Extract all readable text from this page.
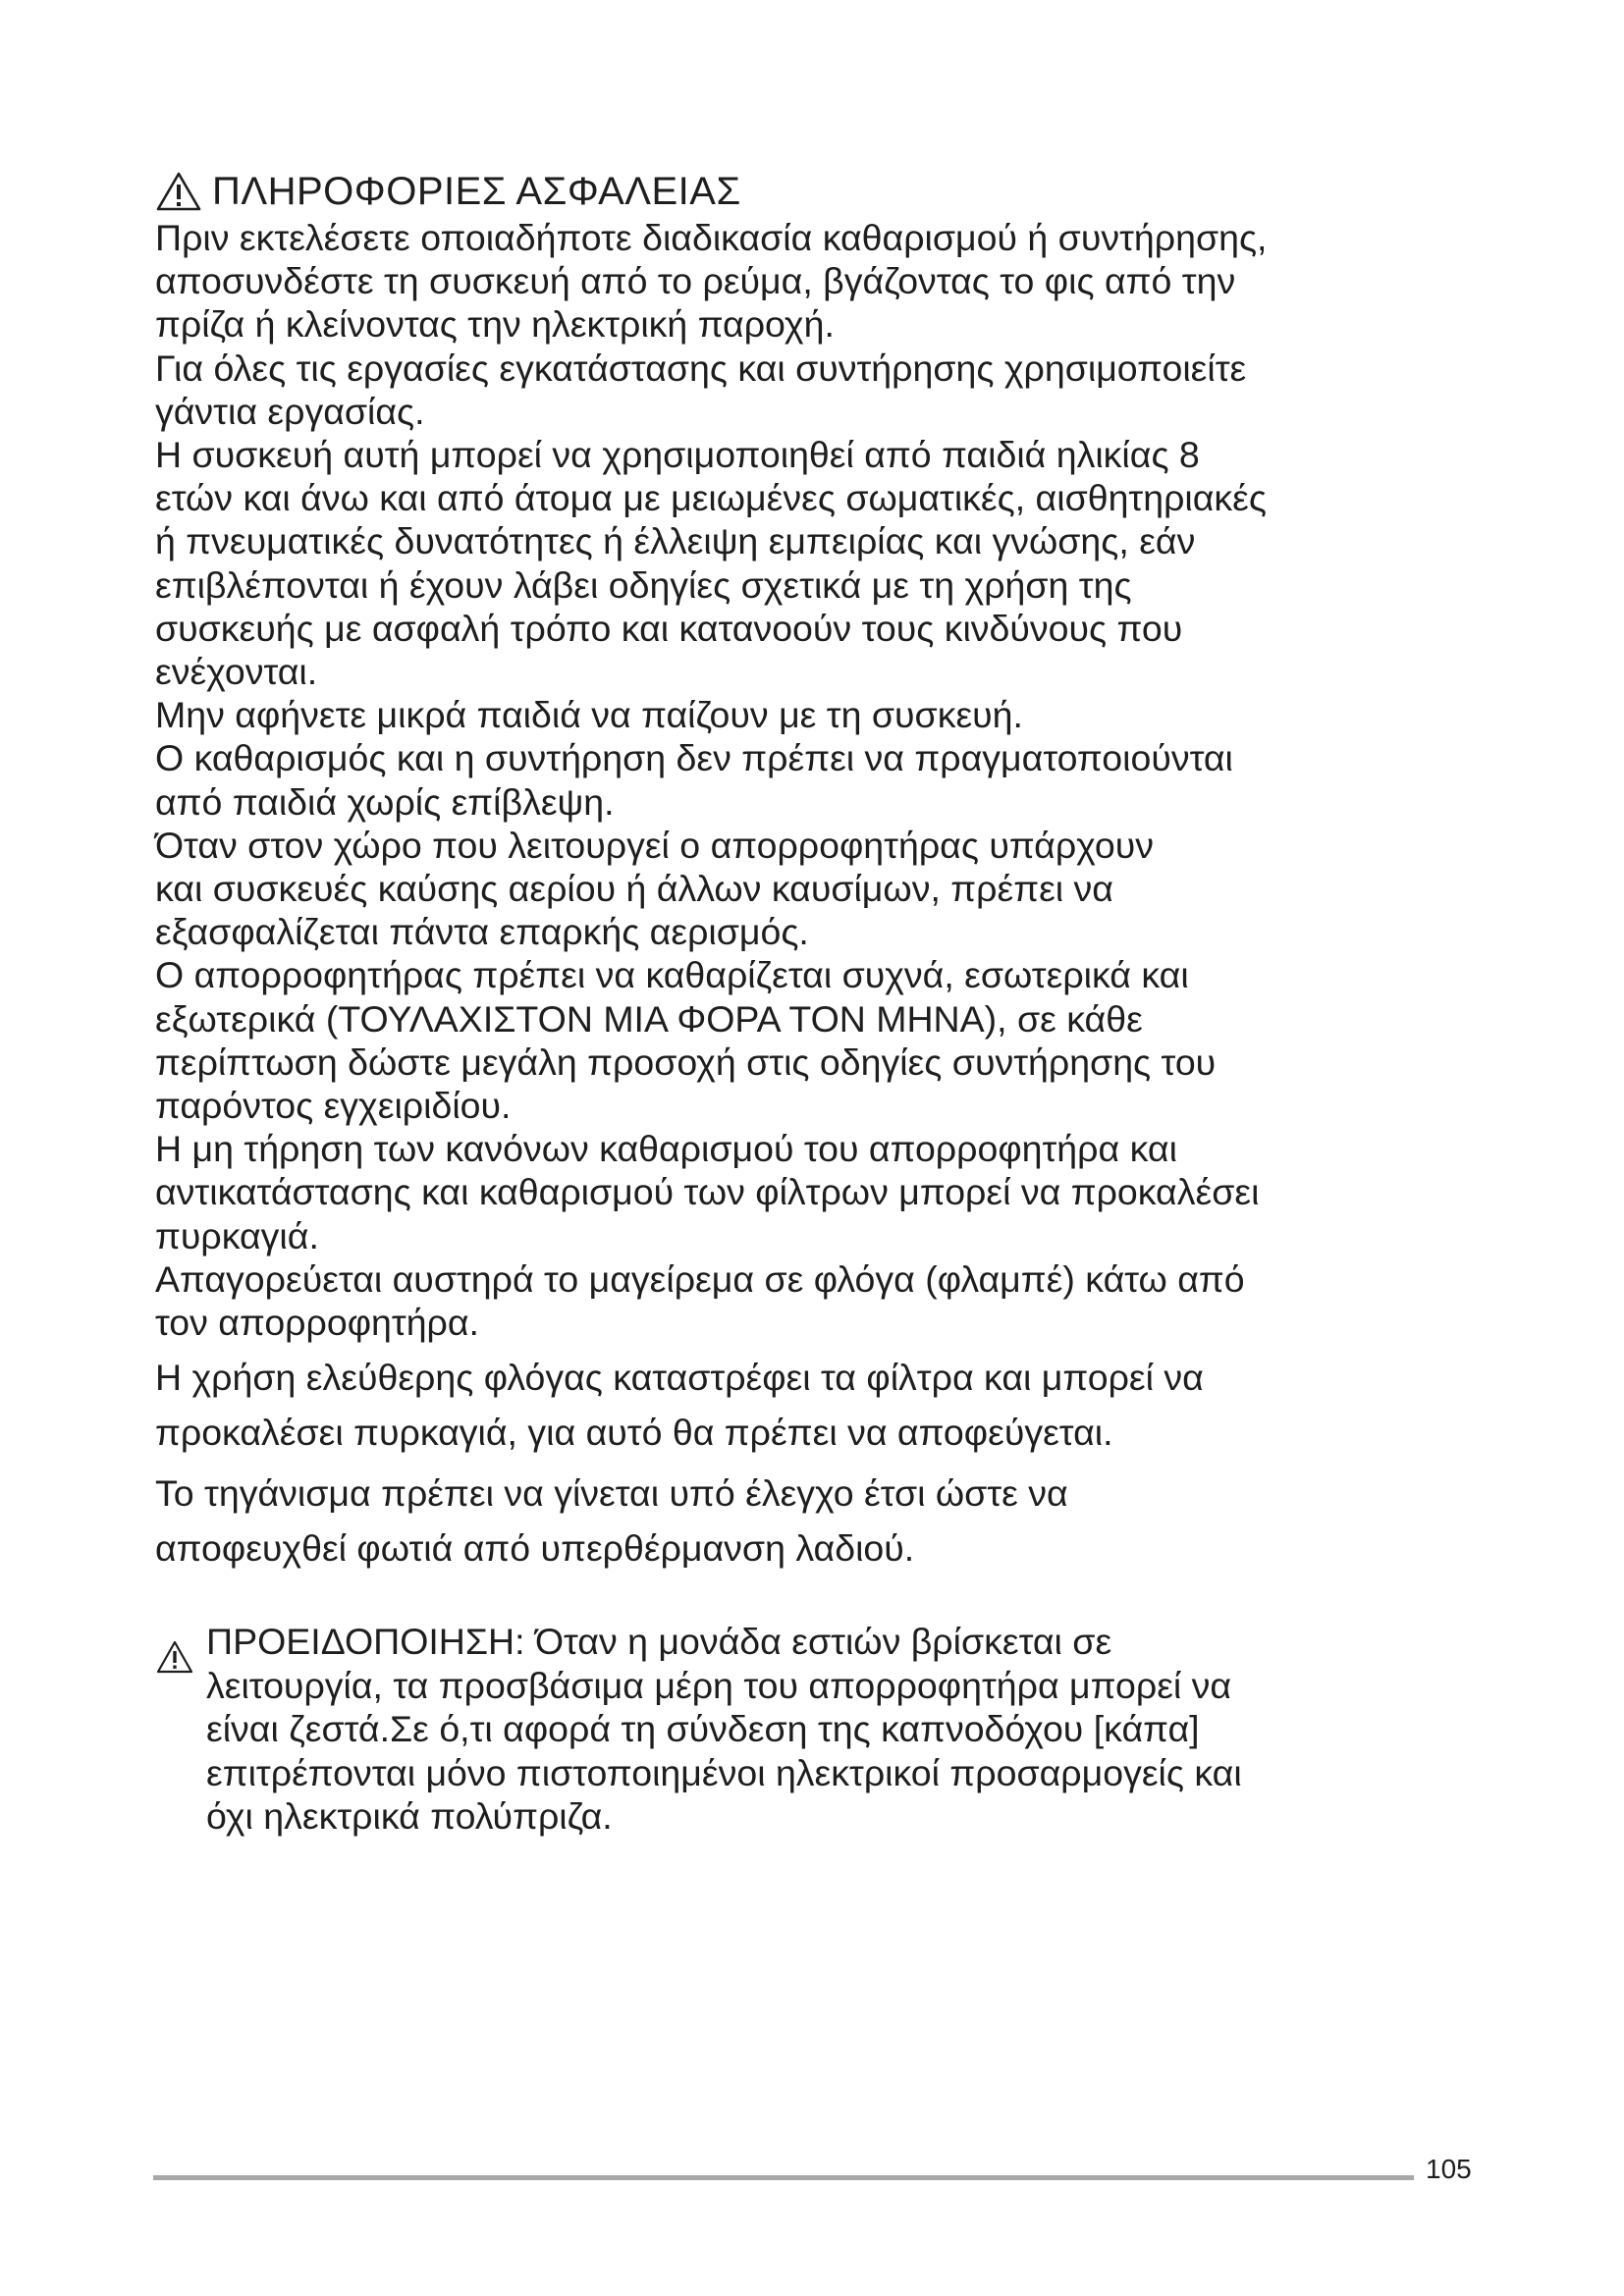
ΠΛΗΡΟΦΟΡΙΕΣ ΑΣΦΑΛΕΙΑΣ

Πριν εκτελέσετε οποιαδήποτε διαδικασία καθαρισμού ή συντήρησης,
αποσυνδέστε τη συσκευή από το ρεύμα, βγάζοντας το φις από την
πρίζα ή κλείνοντας την ηλεκτρική παροχή.

Για όλες τις εργασίες εγκατάστασης και συντήρησης χρησιμοποιείτε
γάντια εργασίας.

Η συσκευή αυτή μπορεί να χρησιμοποιηθεί από παιδιά ηλικίας 8
ετών και άνω και από άτομα με μειωμένες σωματικές, αισθητηριακές
ή πνευματικές δυνατότητες ή έλλειψη εμπειρίας και γνώσης, εάν
επιβλέπονται ή έχουν λάβει οδηγίες σχετικά με τη χρήση της
συσκευής με ασφαλή τρόπο και κατανοούν τους κινδύνους που
ενέχονται.

Μην αφήνετε μικρά παιδιά να παίζουν με τη συσκευή.

Ο καθαρισμός και η συντήρηση δεν πρέπει να πραγματοποιούνται
από παιδιά χωρίς επίβλεψη.

Όταν στον χώρο που λειτουργεί ο απορροφητήρας υπάρχουν
και συσκευές καύσης αερίου ή άλλων καυσίμων, πρέπει να
εξασφαλίζεται πάντα επαρκής αερισμός.

Ο απορροφητήρας πρέπει να καθαρίζεται συχνά, εσωτερικά και
εξωτερικά (ΤΟΥΛΑΧΙΣΤΟΝ ΜΙΑ ΦΟΡΑ ΤΟΝ ΜΗΝΑ), σε κάθε
περίπτωση δώστε μεγάλη προσοχή στις οδηγίες συντήρησης του
παρόντος εγχειριδίου.

Η μη τήρηση των κανόνων καθαρισμού του απορροφητήρα και
αντικατάστασης και καθαρισμού των φίλτρων μπορεί να προκαλέσει
πυρκαγιά.

Απαγορεύεται αυστηρά το μαγείρεμα σε φλόγα (φλαμπέ) κάτω από
τον απορροφητήρα.

Η χρήση ελεύθερης φλόγας καταστρέφει τα φίλτρα και μπορεί να
προκαλέσει πυρκαγιά, για αυτό θα πρέπει να αποφεύγεται.

Το τηγάνισμα πρέπει να γίνεται υπό έλεγχο έτσι ώστε να
αποφευχθεί φωτιά από υπερθέρμανση λαδιού.

ΠΡΟΕΙΔΟΠΟΙΗΣΗ: Όταν η μονάδα εστιών βρίσκεται σε
λειτουργία, τα προσβάσιμα μέρη του απορροφητήρα μπορεί να
είναι ζεστά.Σε ό,τι αφορά τη σύνδεση της καπνοδόχου [κάπα]
επιτρέπονται μόνο πιστοποιημένοι ηλεκτρικοί προσαρμογείς και
όχι ηλεκτρικά πολύπριζα.
105
